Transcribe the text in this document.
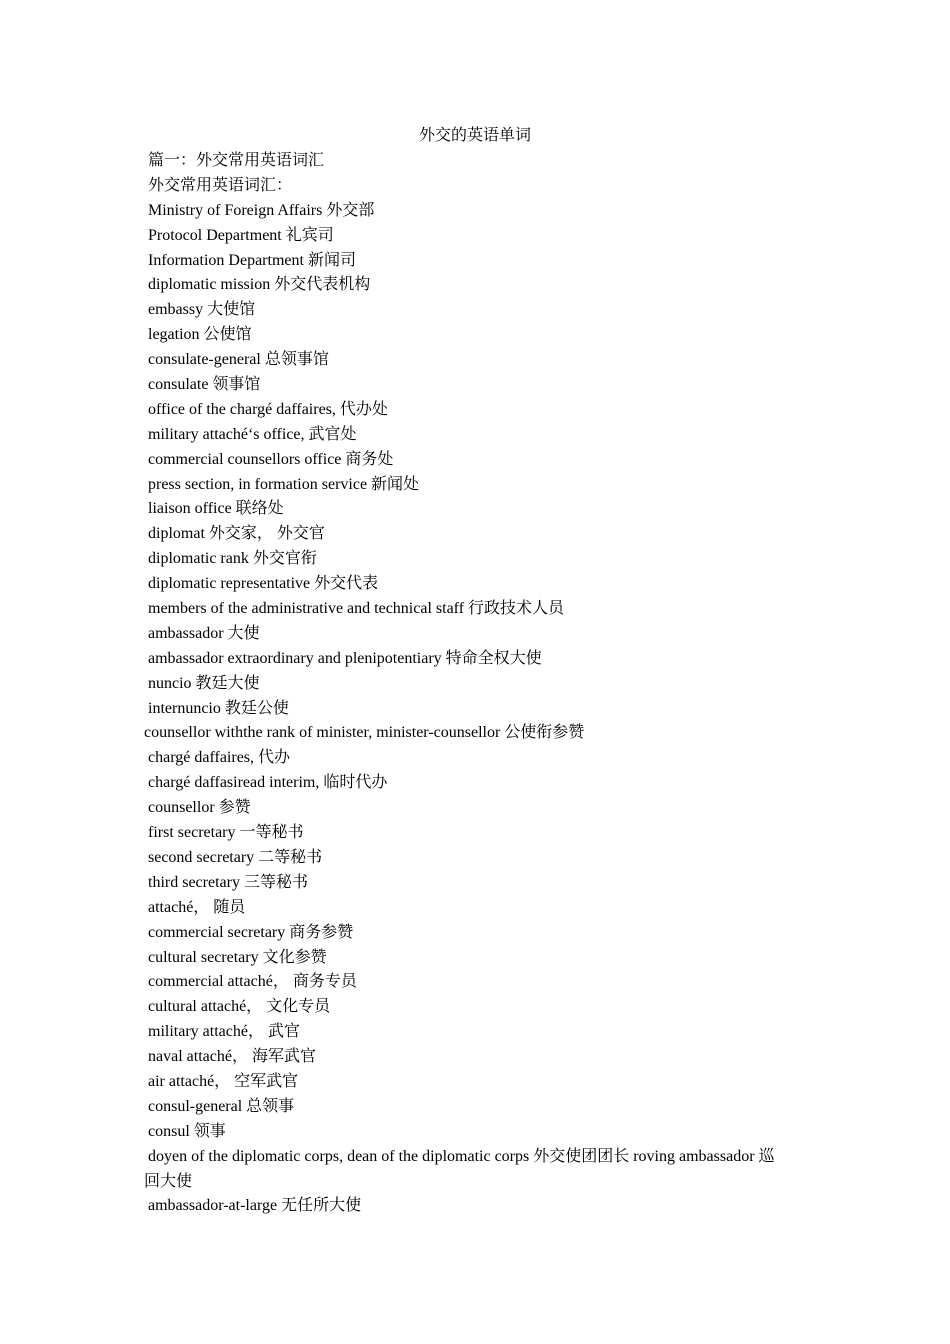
外交的英语单词
篇一：外交常用英语词汇
外交常用英语词汇：
Ministry of Foreign Affairs 外交部
Protocol Department 礼宾司
Information Department 新闻司
diplomatic mission 外交代表机构
embassy 大使馆
legation 公使馆
consulate-general 总领事馆
consulate 领事馆
office of the chargé daffaires, 代办处
military attaché‘s office, 武官处
commercial counsellors office 商务处
press section, in formation service 新闻处
liaison office 联络处
diplomat 外交家， 外交官
diplomatic rank 外交官衔
diplomatic representative 外交代表
members of the administrative and technical staff 行政技术人员
ambassador 大使
ambassador extraordinary and plenipotentiary 特命全权大使
nuncio 教廷大使
internuncio 教廷公使
counsellor withthe rank of minister, minister-counsellor 公使衔参赞
chargé daffaires, 代办
chargé daffasiread interim, 临时代办
counsellor 参赞
first secretary 一等秘书
second secretary 二等秘书
third secretary 三等秘书
attaché， 随员
commercial secretary 商务参赞
cultural secretary 文化参赞
commercial attaché， 商务专员
cultural attaché， 文化专员
military attaché， 武官
naval attaché， 海军武官
air attaché， 空军武官
consul-general 总领事
consul 领事
doyen of the diplomatic corps, dean of the diplomatic corps 外交使团团长 roving ambassador 巡
回大使
ambassador-at-large 无任所大使
